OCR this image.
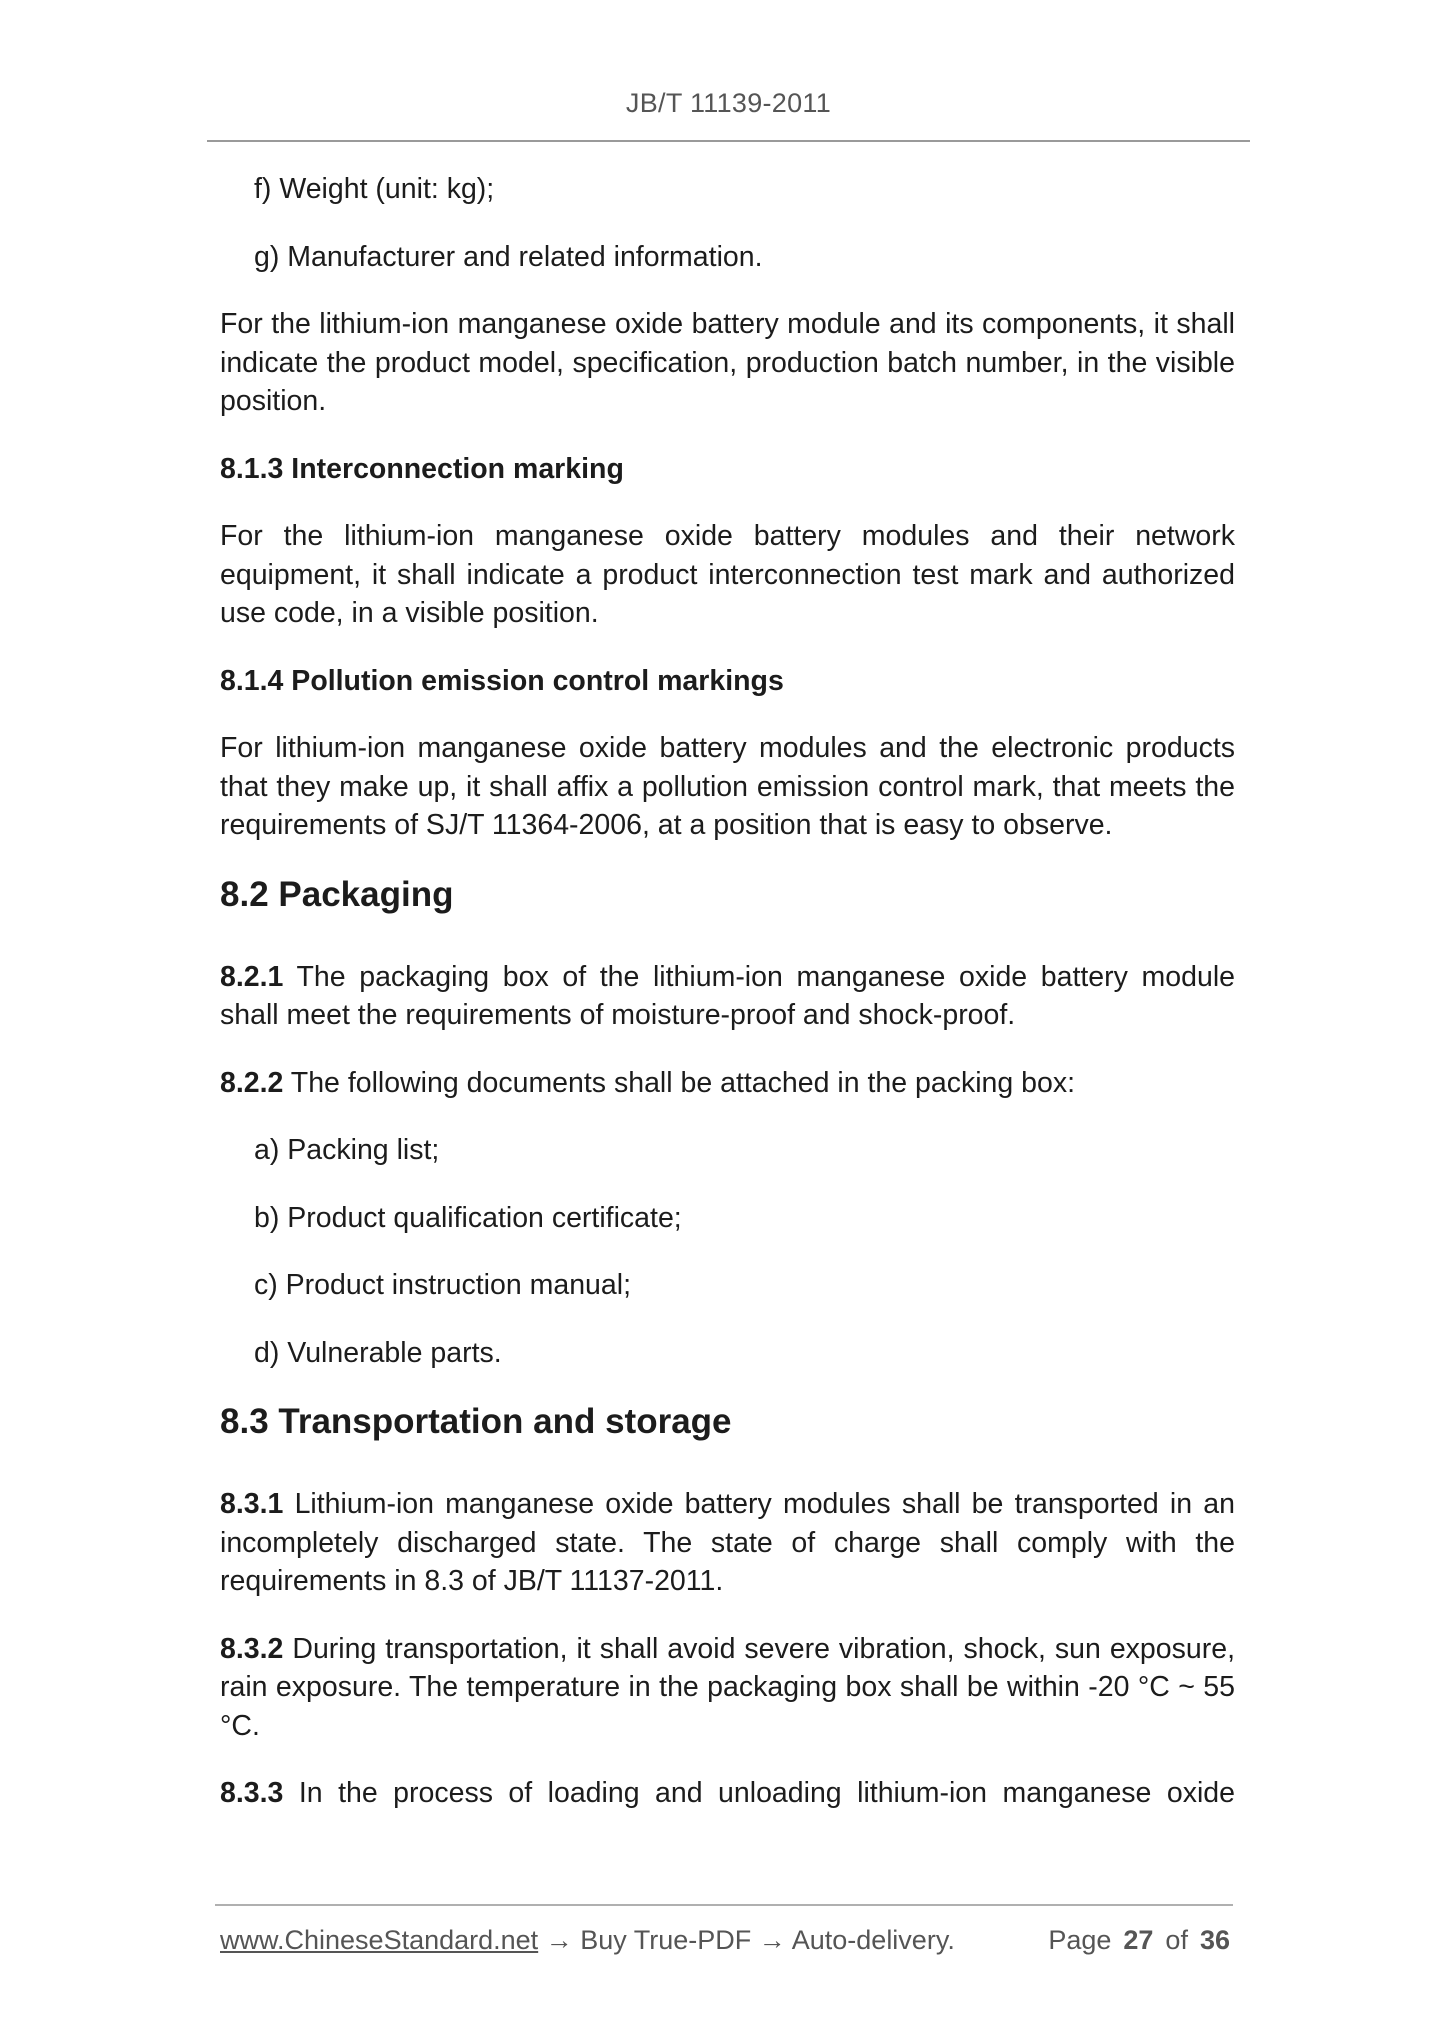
JB/T 11139-2011

f) Weight (unit: kg);

g) Manufacturer and related information.

For the lithium-ion manganese oxide battery module and its components, it shall indicate the product model, specification, production batch number, in the visible position.

8.1.3 Interconnection marking

For the lithium-ion manganese oxide battery modules and their network equipment, it shall indicate a product interconnection test mark and authorized use code, in a visible position.

8.1.4 Pollution emission control markings

For lithium-ion manganese oxide battery modules and the electronic products that they make up, it shall affix a pollution emission control mark, that meets the requirements of SJ/T 11364-2006, at a position that is easy to observe.

8.2 Packaging

8.2.1 The packaging box of the lithium-ion manganese oxide battery module shall meet the requirements of moisture-proof and shock-proof.

8.2.2 The following documents shall be attached in the packing box:

a) Packing list;

b) Product qualification certificate;

c) Product instruction manual;

d) Vulnerable parts.

8.3 Transportation and storage

8.3.1 Lithium-ion manganese oxide battery modules shall be transported in an incompletely discharged state. The state of charge shall comply with the requirements in 8.3 of JB/T 11137-2011.

8.3.2 During transportation, it shall avoid severe vibration, shock, sun exposure, rain exposure. The temperature in the packaging box shall be within -20 °C ~ 55 °C.

8.3.3 In the process of loading and unloading lithium-ion manganese oxide

www.ChineseStandard.net → Buy True-PDF → Auto-delivery.	Page 27 of 36
